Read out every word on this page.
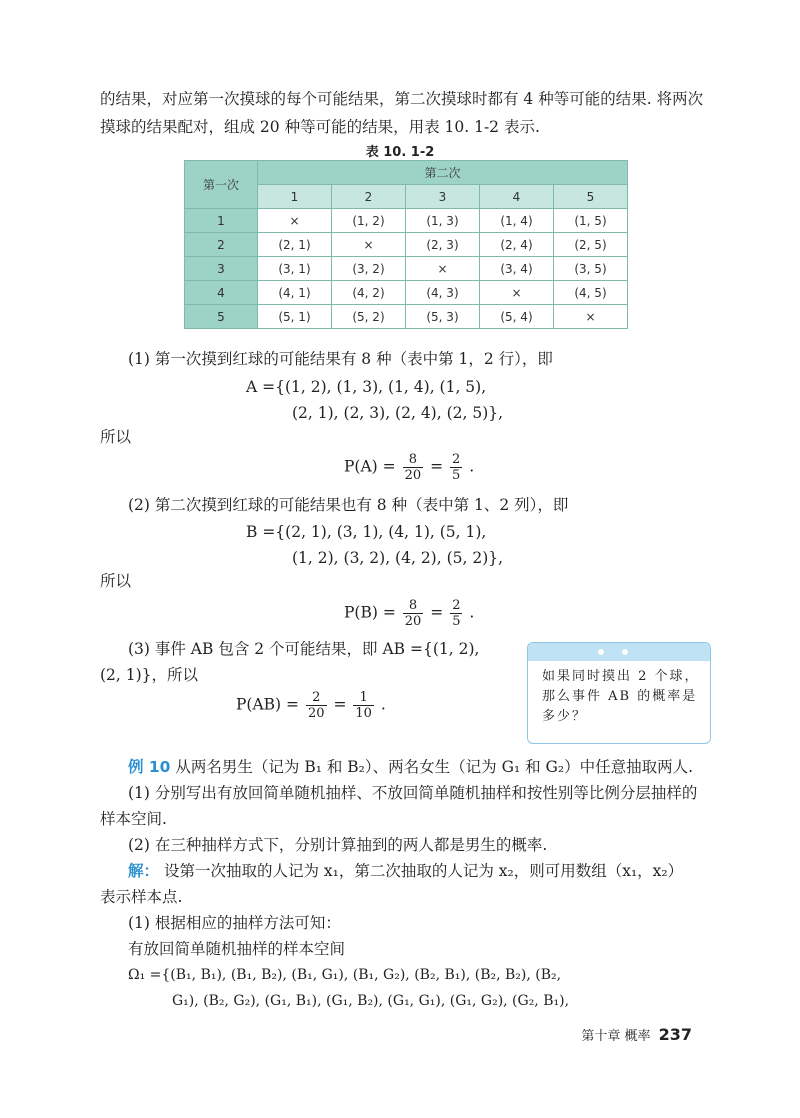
的结果，对应第一次摸球的每个可能结果，第二次摸球时都有 4 种等可能的结果. 将两次

摸球的结果配对，组成 20 种等可能的结果，用表 10. 1-2 表示.

表 10. 1-2
第一次	第二次				
	1	2	3	4	5
1	×	(1, 2)	(1, 3)	(1, 4)	(1, 5)
2	(2, 1)	×	(2, 3)	(2, 4)	(2, 5)
3	(3, 1)	(3, 2)	×	(3, 4)	(3, 5)
4	(4, 1)	(4, 2)	(4, 3)	×	(4, 5)
5	(5, 1)	(5, 2)	(5, 3)	(5, 4)	×

(1) 第一次摸到红球的可能结果有 8 种（表中第 1，2 行），即

A ={(1, 2), (1, 3), (1, 4), (1, 5),
(2, 1), (2, 3), (2, 4), (2, 5)},

所以

$P(A) = \frac{8}{20} = \frac{2}{5}$ .

(2) 第二次摸到红球的可能结果也有 8 种（表中第 1、2 列），即

B ={(2, 1), (3, 1), (4, 1), (5, 1),
(1, 2), (3, 2), (4, 2), (5, 2)},

所以

$P(B) = \frac{8}{20} = \frac{2}{5}$ .

(3) 事件 AB 包含 2 个可能结果，即 AB ={(1, 2),

(2, 1)}，所以

$P(AB) = \frac{2}{20} = \frac{1}{10}$ .
如果同时摸出 2 个球，那么事件 AB 的概率是多少？

例 10 从两名男生（记为 B₁ 和 B₂）、两名女生（记为 G₁ 和 G₂）中任意抽取两人.

(1) 分别写出有放回简单随机抽样、不放回简单随机抽样和按性别等比例分层抽样的

样本空间.

(2) 在三种抽样方式下，分别计算抽到的两人都是男生的概率.

解： 设第一次抽取的人记为 x₁，第二次抽取的人记为 x₂，则可用数组（x₁，x₂）

表示样本点.

(1) 根据相应的抽样方法可知：

有放回简单随机抽样的样本空间

Ω₁ ={(B₁, B₁), (B₁, B₂), (B₁, G₁), (B₁, G₂), (B₂, B₁), (B₂, B₂), (B₂,

G₁), (B₂, G₂), (G₁, B₁), (G₁, B₂), (G₁, G₁), (G₁, G₂), (G₂, B₁),

第十章 概率 237
